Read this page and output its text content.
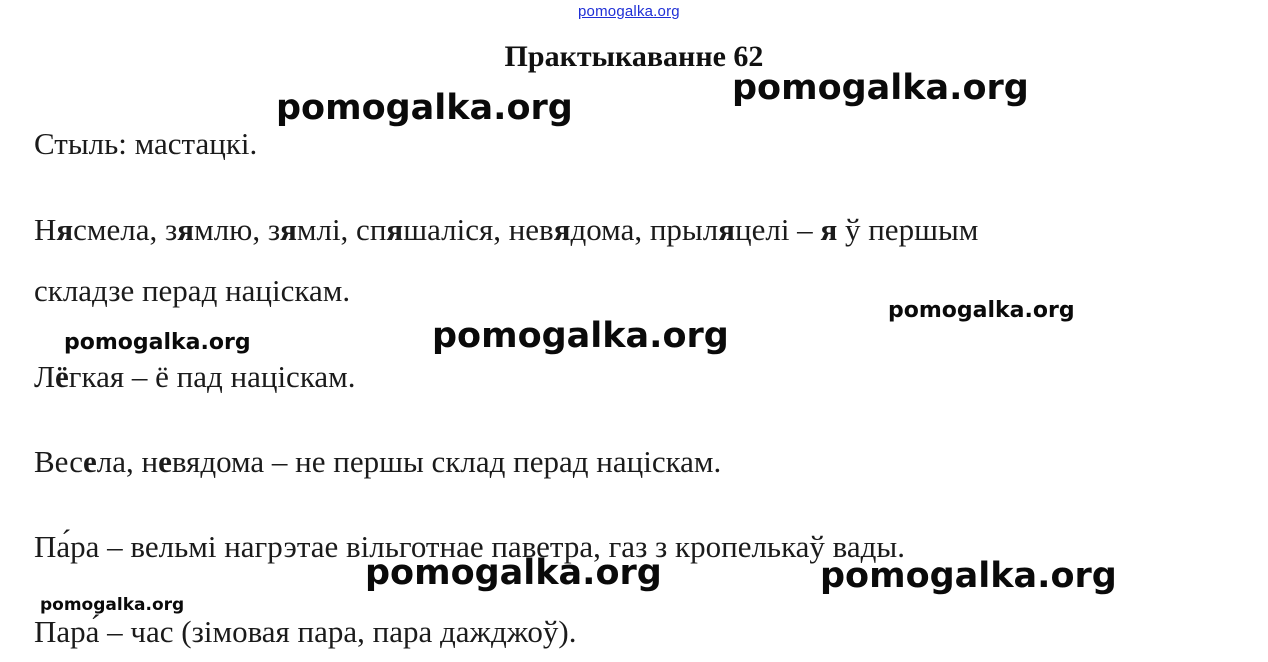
pomogalka.org
Практыкаванне 62
Стыль: мастацкі.
Нясмела, зямлю, зямлі, спяшаліся, невядома, прыляцелі – я ў першым
складзе перад націскам.
Лёгкая – ё пад націскам.
Весела, невядома – не першы склад перад націскам.
Па́ра – вельмі нагрэтае вільготнае паветра, газ з кропелькаў вады.
Пара́ – час (зімовая пара, пара дажджоў).
pomogalka.org	pomogalka.org
pomogalka.org
pomogalka.org	pomogalka.org
pomogalka.org	pomogalka.org
pomogalka.org
